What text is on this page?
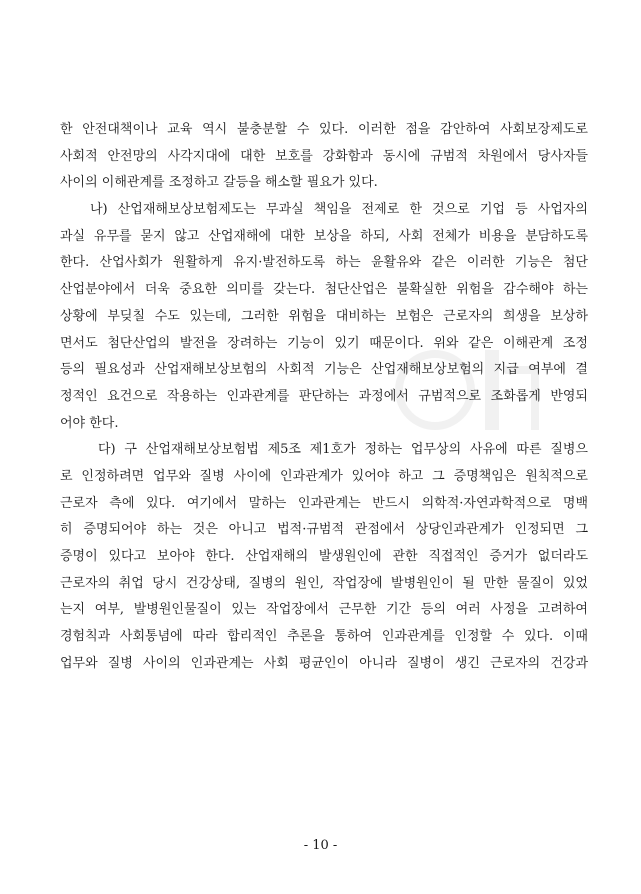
한 안전대책이나 교육 역시 불충분할 수 있다. 이러한 점을 감안하여 사회보장제도로
사회적 안전망의 사각지대에 대한 보호를 강화함과 동시에 규범적 차원에서 당사자들
사이의 이해관계를 조정하고 갈등을 해소할 필요가 있다.
나) 산업재해보상보험제도는 무과실 책임을 전제로 한 것으로 기업 등 사업자의
과실 유무를 묻지 않고 산업재해에 대한 보상을 하되, 사회 전체가 비용을 분담하도록
한다. 산업사회가 원활하게 유지·발전하도록 하는 윤활유와 같은 이러한 기능은 첨단
산업분야에서 더욱 중요한 의미를 갖는다. 첨단산업은 불확실한 위험을 감수해야 하는
상황에 부딪칠 수도 있는데, 그러한 위험을 대비하는 보험은 근로자의 희생을 보상하
면서도 첨단산업의 발전을 장려하는 기능이 있기 때문이다. 위와 같은 이해관계 조정
등의 필요성과 산업재해보상보험의 사회적 기능은 산업재해보상보험의 지급 여부에 결
정적인 요건으로 작용하는 인과관계를 판단하는 과정에서 규범적으로 조화롭게 반영되
어야 한다.
다) 구 산업재해보상보험법 제5조 제1호가 정하는 업무상의 사유에 따른 질병으
로 인정하려면 업무와 질병 사이에 인과관계가 있어야 하고 그 증명책임은 원칙적으로
근로자 측에 있다. 여기에서 말하는 인과관계는 반드시 의학적·자연과학적으로 명백
히 증명되어야 하는 것은 아니고 법적·규범적 관점에서 상당인과관계가 인정되면 그
증명이 있다고 보아야 한다. 산업재해의 발생원인에 관한 직접적인 증거가 없더라도
근로자의 취업 당시 건강상태, 질병의 원인, 작업장에 발병원인이 될 만한 물질이 있었
는지 여부, 발병원인물질이 있는 작업장에서 근무한 기간 등의 여러 사정을 고려하여
경험칙과 사회통념에 따라 합리적인 추론을 통하여 인과관계를 인정할 수 있다. 이때
업무와 질병 사이의 인과관계는 사회 평균인이 아니라 질병이 생긴 근로자의 건강과
- 10 -
